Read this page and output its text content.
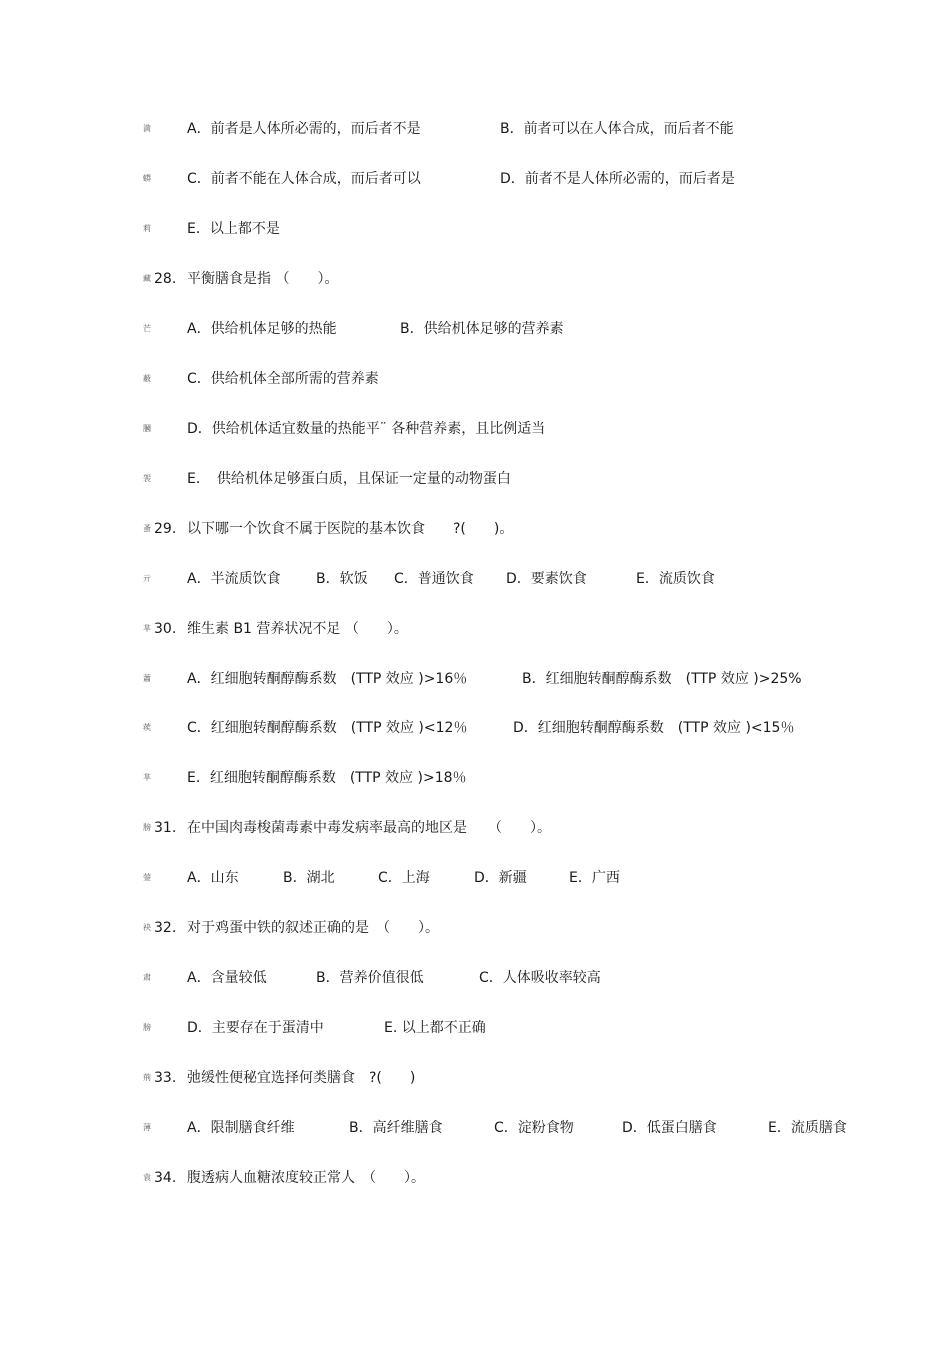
満	A．前者是人体所必需的，而后者不是	B．前者可以在人体合成，而后者不能
蟒	C．前者不能在人体合成，而后者可以	D．前者不是人体所必需的，而后者是
莉	E．以上都不是
藏 28. 平衡膳食是指 （　　）。
芒	A．供给机体足够的热能	B．供给机体足够的营养素
蔽	C．供给机体全部所需的营养素
膕	D．供给机体适宜数量的热能平¨ 各种营养素，且比例适当
袈	E．　供给机体足够蛋白质，且保证一定量的动物蛋白
蚤 29. 以下哪一个饮食不属于医院的基本饮食　　?(　　)。
亓	A．半流质饮食	B．软饭 C．普通饮食 D．要素饮食	E．流质饮食
芈 30. 维生素 B1 营养状况不足 （　　）。
蕭	A．红细胞转酮醇酶系数　(TTP 效应 )>16％	B．红细胞转酮醇酶系数　(TTP 效应 )>25%
蒺	C．红细胞转酮醇酶系数　(TTP 效应 )<12％	D．红细胞转酮醇酶系数　(TTP 效应 )<15％
芈	E．红细胞转酮醇酶系数　(TTP 效应 )>18％
膀 31. 在中国肉毒梭菌毒素中毒发病率最高的地区是　　（　　）。
蓥	A．山东	B．湖北	C．上海	D．新疆	E．广西
袂 32. 对于鸡蛋中铁的叙述正确的是　（　　）。
肃	A．含量较低	B．营养价值很低	C．人体吸收率较高
膀	D．主要存在于蛋清中	E. 以上都不正确
荊 33. 弛缓性便秘宜选择何类膳食　?(　　)
薄	A．限制膳食纤维	B．高纤维膳食	C．淀粉食物	D．低蛋白膳食	E．流质膳食
袁 34. 腹透病人血糖浓度较正常人　（　　）。
